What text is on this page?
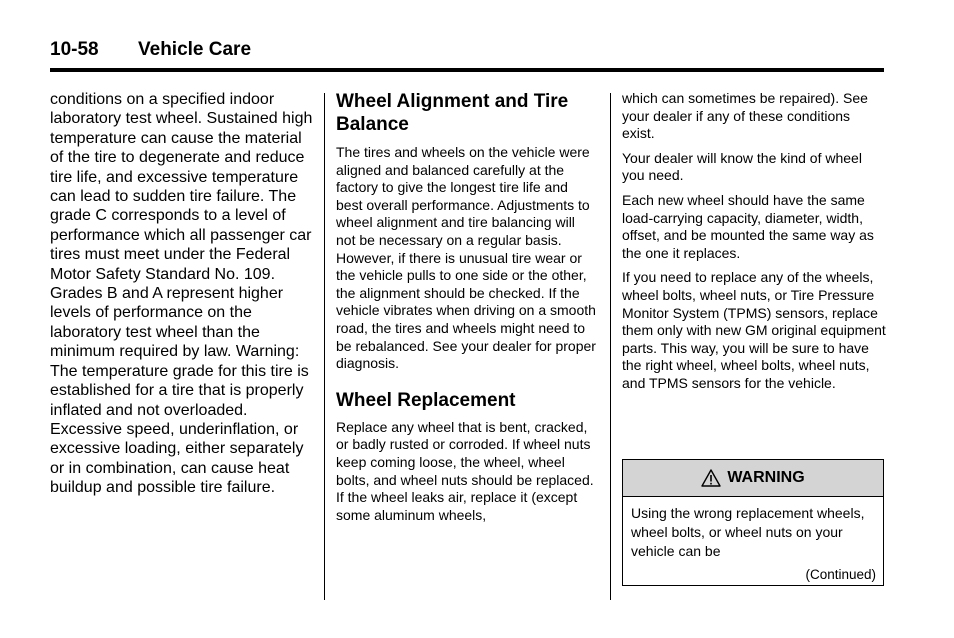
10-58 Vehicle Care

conditions on a specified indoor laboratory test wheel. Sustained high temperature can cause the material of the tire to degenerate and reduce tire life, and excessive temperature can lead to sudden tire failure. The grade C corresponds to a level of performance which all passenger car tires must meet under the Federal Motor Safety Standard No. 109. Grades B and A represent higher levels of performance on the laboratory test wheel than the minimum required by law. Warning: The temperature grade for this tire is established for a tire that is properly inflated and not overloaded. Excessive speed, underinflation, or excessive loading, either separately or in combination, can cause heat buildup and possible tire failure.

Wheel Alignment and Tire Balance

The tires and wheels on the vehicle were aligned and balanced carefully at the factory to give the longest tire life and best overall performance. Adjustments to wheel alignment and tire balancing will not be necessary on a regular basis. However, if there is unusual tire wear or the vehicle pulls to one side or the other, the alignment should be checked. If the vehicle vibrates when driving on a smooth road, the tires and wheels might need to be rebalanced. See your dealer for proper diagnosis.

Wheel Replacement

Replace any wheel that is bent, cracked, or badly rusted or corroded. If wheel nuts keep coming loose, the wheel, wheel bolts, and wheel nuts should be replaced. If the wheel leaks air, replace it (except some aluminum wheels,

which can sometimes be repaired). See your dealer if any of these conditions exist.

Your dealer will know the kind of wheel you need.

Each new wheel should have the same load-carrying capacity, diameter, width, offset, and be mounted the same way as the one it replaces.

If you need to replace any of the wheels, wheel bolts, wheel nuts, or Tire Pressure Monitor System (TPMS) sensors, replace them only with new GM original equipment parts. This way, you will be sure to have the right wheel, wheel bolts, wheel nuts, and TPMS sensors for the vehicle.

WARNING
Using the wrong replacement wheels, wheel bolts, or wheel nuts on your vehicle can be
(Continued)
